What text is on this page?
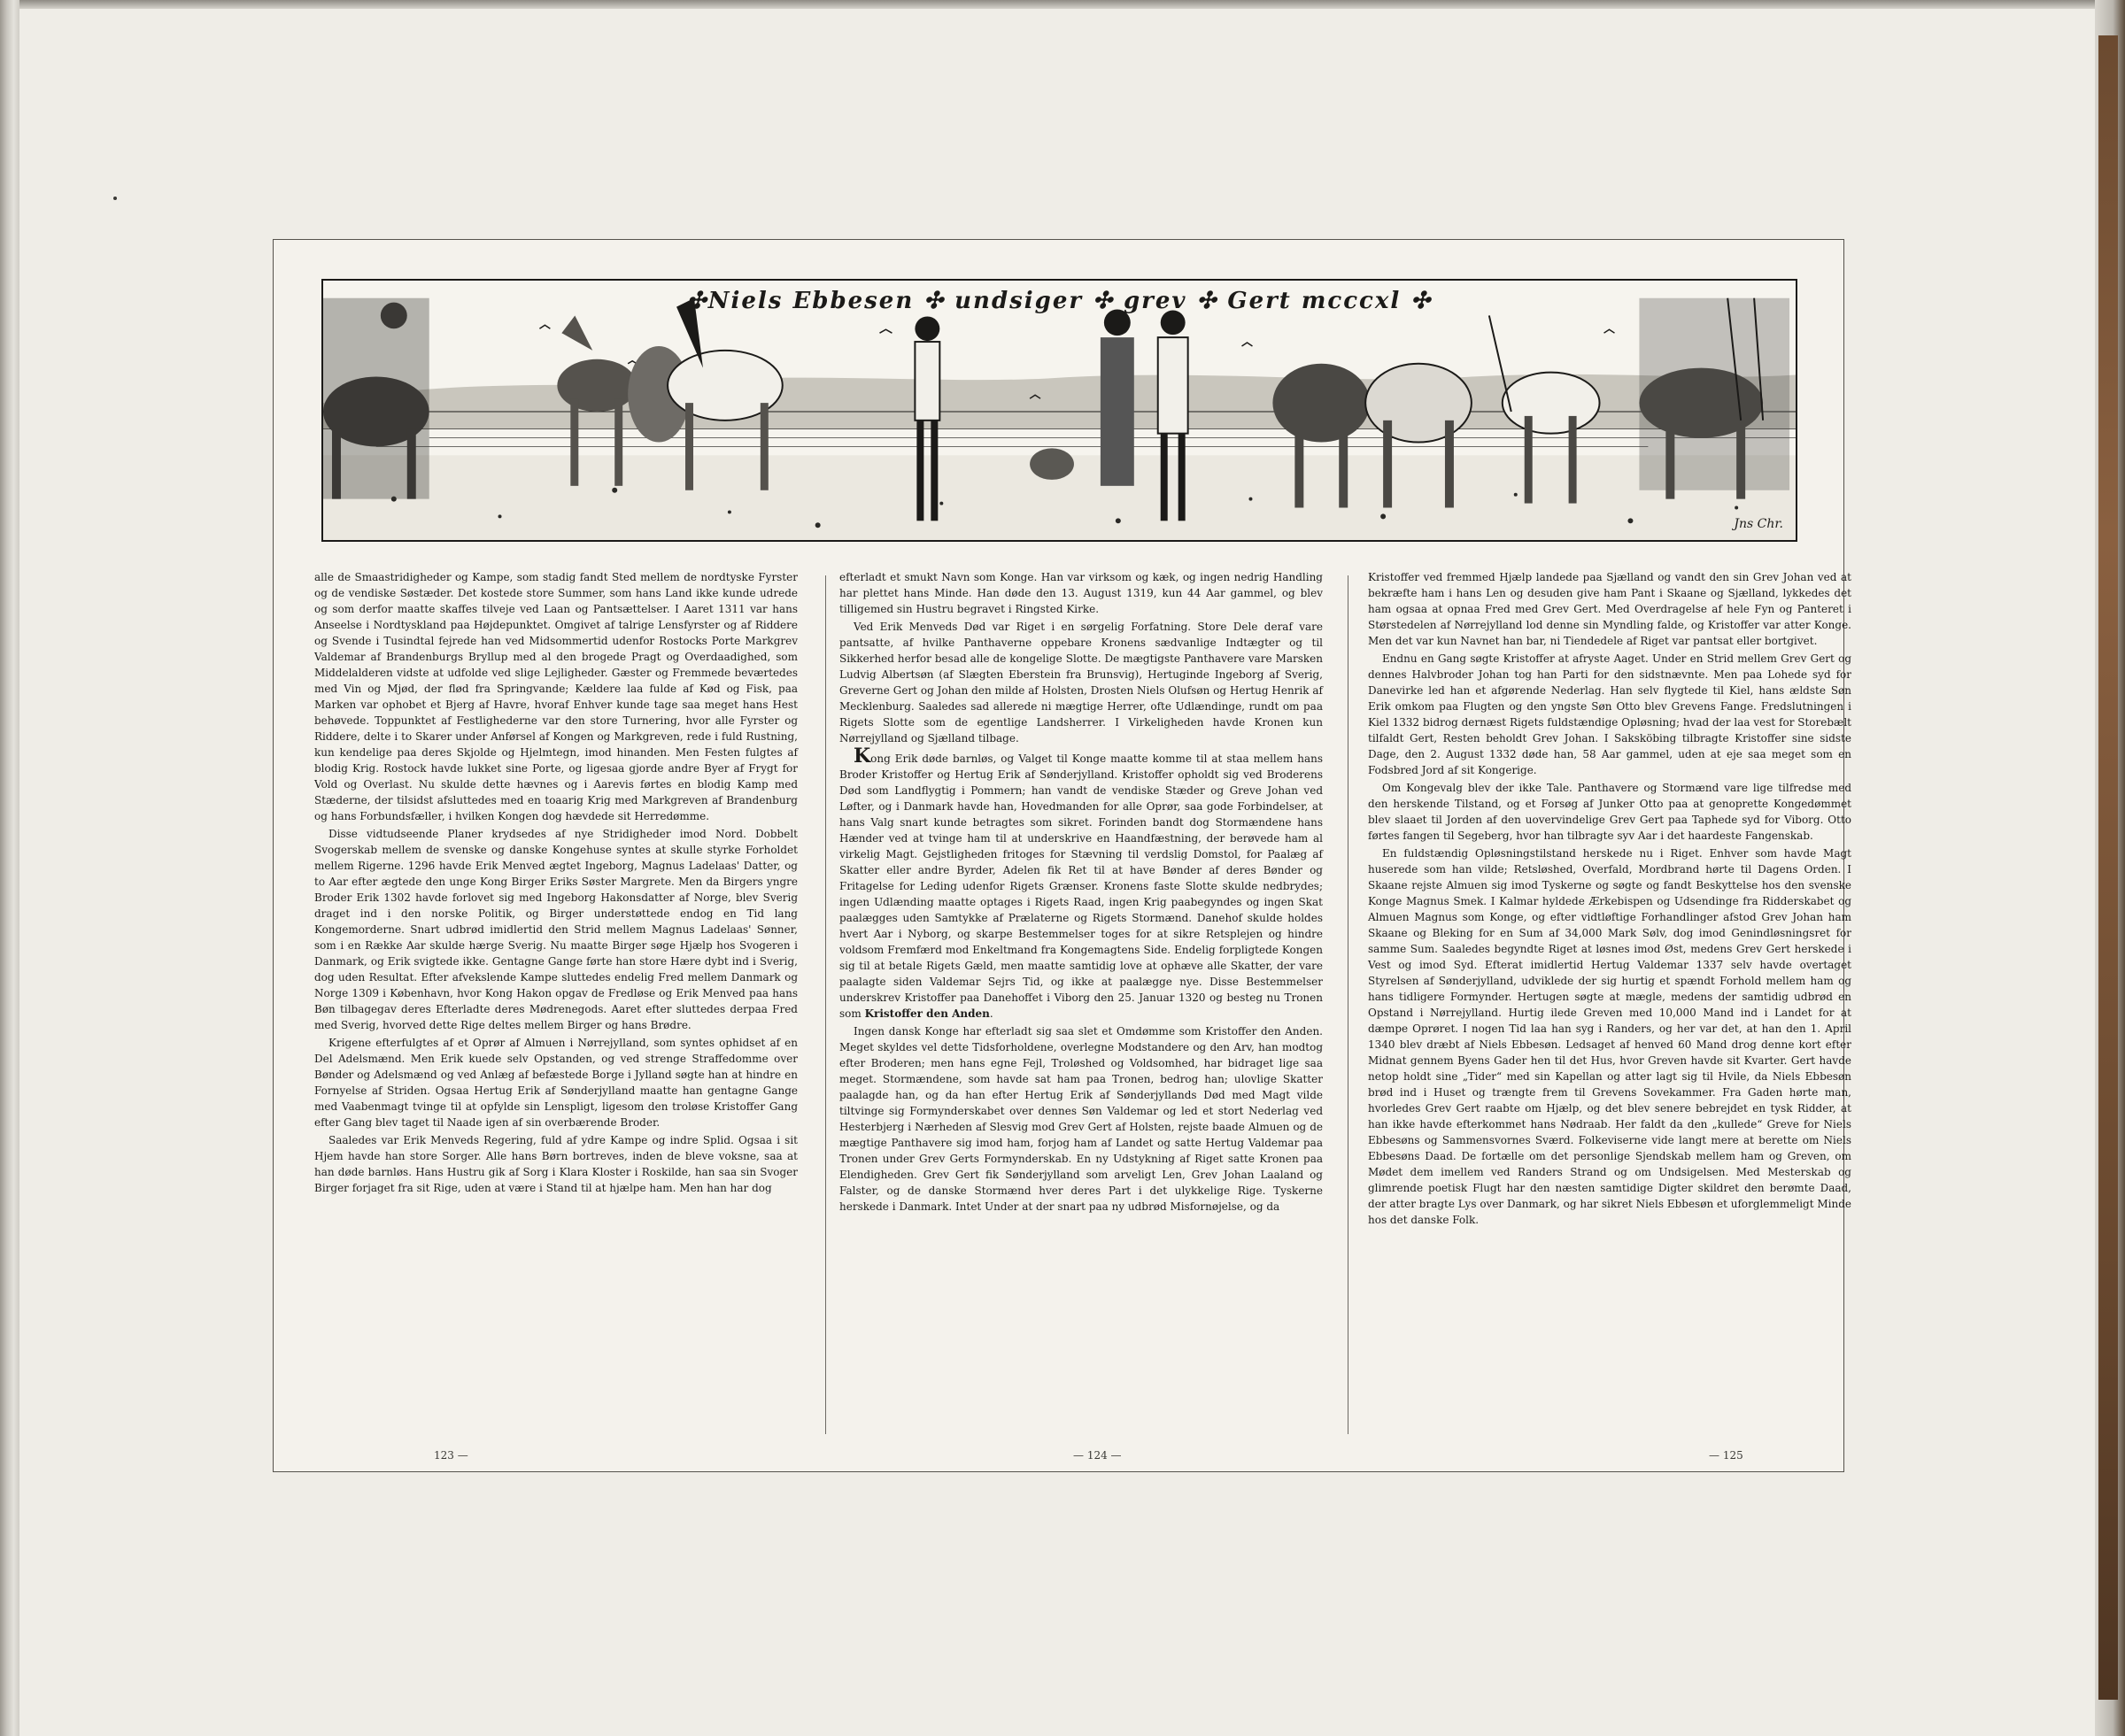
✣Niels Ebbesen ✣ undsiger ✣ grev ✣ Gert mcccxl ✣
Jns Chr.

alle de Smaastridigheder og Kampe, som stadig fandt Sted mellem de nordtyske Fyrster og de vendiske Søstæder. Det kostede store Summer, som hans Land ikke kunde udrede og som derfor maatte skaffes tilveje ved Laan og Pantsættelser. I Aaret 1311 var hans Anseelse i Nordtyskland paa Højdepunktet. Omgivet af talrige Lensfyrster og af Riddere og Svende i Tusindtal fejrede han ved Midsommertid udenfor Rostocks Porte Markgrev Valdemar af Brandenburgs Bryllup med al den brogede Pragt og Overdaadighed, som Middelalderen vidste at udfolde ved slige Lejligheder. Gæster og Fremmede beværtedes med Vin og Mjød, der flød fra Springvande; Kældere laa fulde af Kød og Fisk, paa Marken var ophobet et Bjerg af Havre, hvoraf Enhver kunde tage saa meget hans Hest behøvede. Toppunktet af Festlighederne var den store Turnering, hvor alle Fyrster og Riddere, delte i to Skarer under Anførsel af Kongen og Markgreven, rede i fuld Rustning, kun kendelige paa deres Skjolde og Hjelmtegn, imod hinanden. Men Festen fulgtes af blodig Krig. Rostock havde lukket sine Porte, og ligesaa gjorde andre Byer af Frygt for Vold og Overlast. Nu skulde dette hævnes og i Aarevis førtes en blodig Kamp med Stæderne, der tilsidst afsluttedes med en toaarig Krig med Markgreven af Brandenburg og hans Forbundsfæller, i hvilken Kongen dog hævdede sit Herredømme.

Disse vidtudseende Planer krydsedes af nye Stridigheder imod Nord. Dobbelt Svogerskab mellem de svenske og danske Kongehuse syntes at skulle styrke Forholdet mellem Rigerne. 1296 havde Erik Menved ægtet Ingeborg, Magnus Ladelaas' Datter, og to Aar efter ægtede den unge Kong Birger Eriks Søster Margrete. Men da Birgers yngre Broder Erik 1302 havde forlovet sig med Ingeborg Hakonsdatter af Norge, blev Sverig draget ind i den norske Politik, og Birger understøttede endog en Tid lang Kongemorderne. Snart udbrød imidlertid den Strid mellem Magnus Ladelaas' Sønner, som i en Række Aar skulde hærge Sverig. Nu maatte Birger søge Hjælp hos Svogeren i Danmark, og Erik svigtede ikke. Gentagne Gange førte han store Hære dybt ind i Sverig, dog uden Resultat. Efter afvekslende Kampe sluttedes endelig Fred mellem Danmark og Norge 1309 i København, hvor Kong Hakon opgav de Fredløse og Erik Menved paa hans Bøn tilbagegav deres Efterladte deres Mødrenegods. Aaret efter sluttedes derpaa Fred med Sverig, hvorved dette Rige deltes mellem Birger og hans Brødre.

Krigene efterfulgtes af et Oprør af Almuen i Nørrejylland, som syntes ophidset af en Del Adelsmænd. Men Erik kuede selv Opstanden, og ved strenge Straffedomme over Bønder og Adelsmænd og ved Anlæg af befæstede Borge i Jylland søgte han at hindre en Fornyelse af Striden. Ogsaa Hertug Erik af Sønderjylland maatte han gentagne Gange med Vaabenmagt tvinge til at opfylde sin Lenspligt, ligesom den troløse Kristoffer Gang efter Gang blev taget til Naade igen af sin overbærende Broder.

Saaledes var Erik Menveds Regering, fuld af ydre Kampe og indre Splid. Ogsaa i sit Hjem havde han store Sorger. Alle hans Børn bortreves, inden de bleve voksne, saa at han døde barnløs. Hans Hustru gik af Sorg i Klara Kloster i Roskilde, han saa sin Svoger Birger forjaget fra sit Rige, uden at være i Stand til at hjælpe ham. Men han har dog

efterladt et smukt Navn som Konge. Han var virksom og kæk, og ingen nedrig Handling har plettet hans Minde. Han døde den 13. August 1319, kun 44 Aar gammel, og blev tilligemed sin Hustru begravet i Ringsted Kirke.

Ved Erik Menveds Død var Riget i en sørgelig Forfatning. Store Dele deraf vare pantsatte, af hvilke Panthaverne oppebare Kronens sædvanlige Indtægter og til Sikkerhed herfor besad alle de kongelige Slotte. De mægtigste Panthavere vare Marsken Ludvig Albertsøn (af Slægten Eberstein fra Brunsvig), Hertuginde Ingeborg af Sverig, Greverne Gert og Johan den milde af Holsten, Drosten Niels Olufsøn og Hertug Henrik af Mecklenburg. Saaledes sad allerede ni mægtige Herrer, ofte Udlændinge, rundt om paa Rigets Slotte som de egentlige Landsherrer. I Virkeligheden havde Kronen kun Nørrejylland og Sjælland tilbage.

Kong Erik døde barnløs, og Valget til Konge maatte komme til at staa mellem hans Broder Kristoffer og Hertug Erik af Sønderjylland. Kristoffer opholdt sig ved Broderens Død som Landflygtig i Pommern; han vandt de vendiske Stæder og Greve Johan ved Løfter, og i Danmark havde han, Hovedmanden for alle Oprør, saa gode Forbindelser, at hans Valg snart kunde betragtes som sikret. Forinden bandt dog Stormændene hans Hænder ved at tvinge ham til at underskrive en Haandfæstning, der berøvede ham al virkelig Magt. Gejstligheden fritoges for Stævning til verdslig Domstol, for Paalæg af Skatter eller andre Byrder, Adelen fik Ret til at have Bønder af deres Bønder og Fritagelse for Leding udenfor Rigets Grænser. Kronens faste Slotte skulde nedbrydes; ingen Udlænding maatte optages i Rigets Raad, ingen Krig paabegyndes og ingen Skat paalægges uden Samtykke af Prælaterne og Rigets Stormænd. Danehof skulde holdes hvert Aar i Nyborg, og skarpe Bestemmelser toges for at sikre Retsplejen og hindre voldsom Fremfærd mod Enkeltmand fra Kongemagtens Side. Endelig forpligtede Kongen sig til at betale Rigets Gæld, men maatte samtidig love at ophæve alle Skatter, der vare paalagte siden Valdemar Sejrs Tid, og ikke at paalægge nye. Disse Bestemmelser underskrev Kristoffer paa Danehoffet i Viborg den 25. Januar 1320 og besteg nu Tronen som Kristoffer den Anden.

Ingen dansk Konge har efterladt sig saa slet et Omdømme som Kristoffer den Anden. Meget skyldes vel dette Tidsforholdene, overlegne Modstandere og den Arv, han modtog efter Broderen; men hans egne Fejl, Troløshed og Voldsomhed, har bidraget lige saa meget. Stormændene, som havde sat ham paa Tronen, bedrog han; ulovlige Skatter paalagde han, og da han efter Hertug Erik af Sønderjyllands Død med Magt vilde tiltvinge sig Formynderskabet over dennes Søn Valdemar og led et stort Nederlag ved Hesterbjerg i Nærheden af Slesvig mod Grev Gert af Holsten, rejste baade Almuen og de mægtige Panthavere sig imod ham, forjog ham af Landet og satte Hertug Valdemar paa Tronen under Grev Gerts Formynderskab. En ny Udstykning af Riget satte Kronen paa Elendigheden. Grev Gert fik Sønderjylland som arveligt Len, Grev Johan Laaland og Falster, og de danske Stormænd hver deres Part i det ulykkelige Rige. Tyskerne herskede i Danmark. Intet Under at der snart paa ny udbrød Misfornøjelse, og da

Kristoffer ved fremmed Hjælp landede paa Sjælland og vandt den sin Grev Johan ved at bekræfte ham i hans Len og desuden give ham Pant i Skaane og Sjælland, lykkedes det ham ogsaa at opnaa Fred med Grev Gert. Med Overdragelse af hele Fyn og Panteret i Størstedelen af Nørrejylland lod denne sin Myndling falde, og Kristoffer var atter Konge. Men det var kun Navnet han bar, ni Tiendedele af Riget var pantsat eller bortgivet.

Endnu en Gang søgte Kristoffer at afryste Aaget. Under en Strid mellem Grev Gert og dennes Halvbroder Johan tog han Parti for den sidstnævnte. Men paa Lohede syd for Danevirke led han et afgørende Nederlag. Han selv flygtede til Kiel, hans ældste Søn Erik omkom paa Flugten og den yngste Søn Otto blev Grevens Fange. Fredslutningen i Kiel 1332 bidrog dernæst Rigets fuldstændige Opløsning; hvad der laa vest for Storebælt tilfaldt Gert, Resten beholdt Grev Johan. I Saksköbing tilbragte Kristoffer sine sidste Dage, den 2. August 1332 døde han, 58 Aar gammel, uden at eje saa meget som en Fodsbred Jord af sit Kongerige.

Om Kongevalg blev der ikke Tale. Panthavere og Stormænd vare lige tilfredse med den herskende Tilstand, og et Forsøg af Junker Otto paa at genoprette Kongedømmet blev slaaet til Jorden af den uovervindelige Grev Gert paa Taphede syd for Viborg. Otto førtes fangen til Segeberg, hvor han tilbragte syv Aar i det haardeste Fangenskab.

En fuldstændig Opløsningstilstand herskede nu i Riget. Enhver som havde Magt huserede som han vilde; Retsløshed, Overfald, Mordbrand hørte til Dagens Orden. I Skaane rejste Almuen sig imod Tyskerne og søgte og fandt Beskyttelse hos den svenske Konge Magnus Smek. I Kalmar hyldede Ærkebispen og Udsendinge fra Ridderskabet og Almuen Magnus som Konge, og efter vidtløftige Forhandlinger afstod Grev Johan ham Skaane og Bleking for en Sum af 34,000 Mark Sølv, dog imod Genindløsningsret for samme Sum. Saaledes begyndte Riget at løsnes imod Øst, medens Grev Gert herskede i Vest og imod Syd. Efterat imidlertid Hertug Valdemar 1337 selv havde overtaget Styrelsen af Sønderjylland, udviklede der sig hurtig et spændt Forhold mellem ham og hans tidligere Formynder. Hertugen søgte at mægle, medens der samtidig udbrød en Opstand i Nørrejylland. Hurtig ilede Greven med 10,000 Mand ind i Landet for at dæmpe Oprøret. I nogen Tid laa han syg i Randers, og her var det, at han den 1. April 1340 blev dræbt af Niels Ebbesøn. Ledsaget af henved 60 Mand drog denne kort efter Midnat gennem Byens Gader hen til det Hus, hvor Greven havde sit Kvarter. Gert havde netop holdt sine „Tider“ med sin Kapellan og atter lagt sig til Hvile, da Niels Ebbesøn brød ind i Huset og trængte frem til Grevens Sovekammer. Fra Gaden hørte man, hvorledes Grev Gert raabte om Hjælp, og det blev senere bebrejdet en tysk Ridder, at han ikke havde efterkommet hans Nødraab. Her faldt da den „kullede“ Greve for Niels Ebbesøns og Sammensvornes Sværd. Folkeviserne vide langt mere at berette om Niels Ebbesøns Daad. De fortælle om det personlige Sjendskab mellem ham og Greven, om Mødet dem imellem ved Randers Strand og om Undsigelsen. Med Mesterskab og glimrende poetisk Flugt har den næsten samtidige Digter skildret den berømte Daad, der atter bragte Lys over Danmark, og har sikret Niels Ebbesøn et uforglemmeligt Minde hos det danske Folk.

123 —	— 124 —	— 125
